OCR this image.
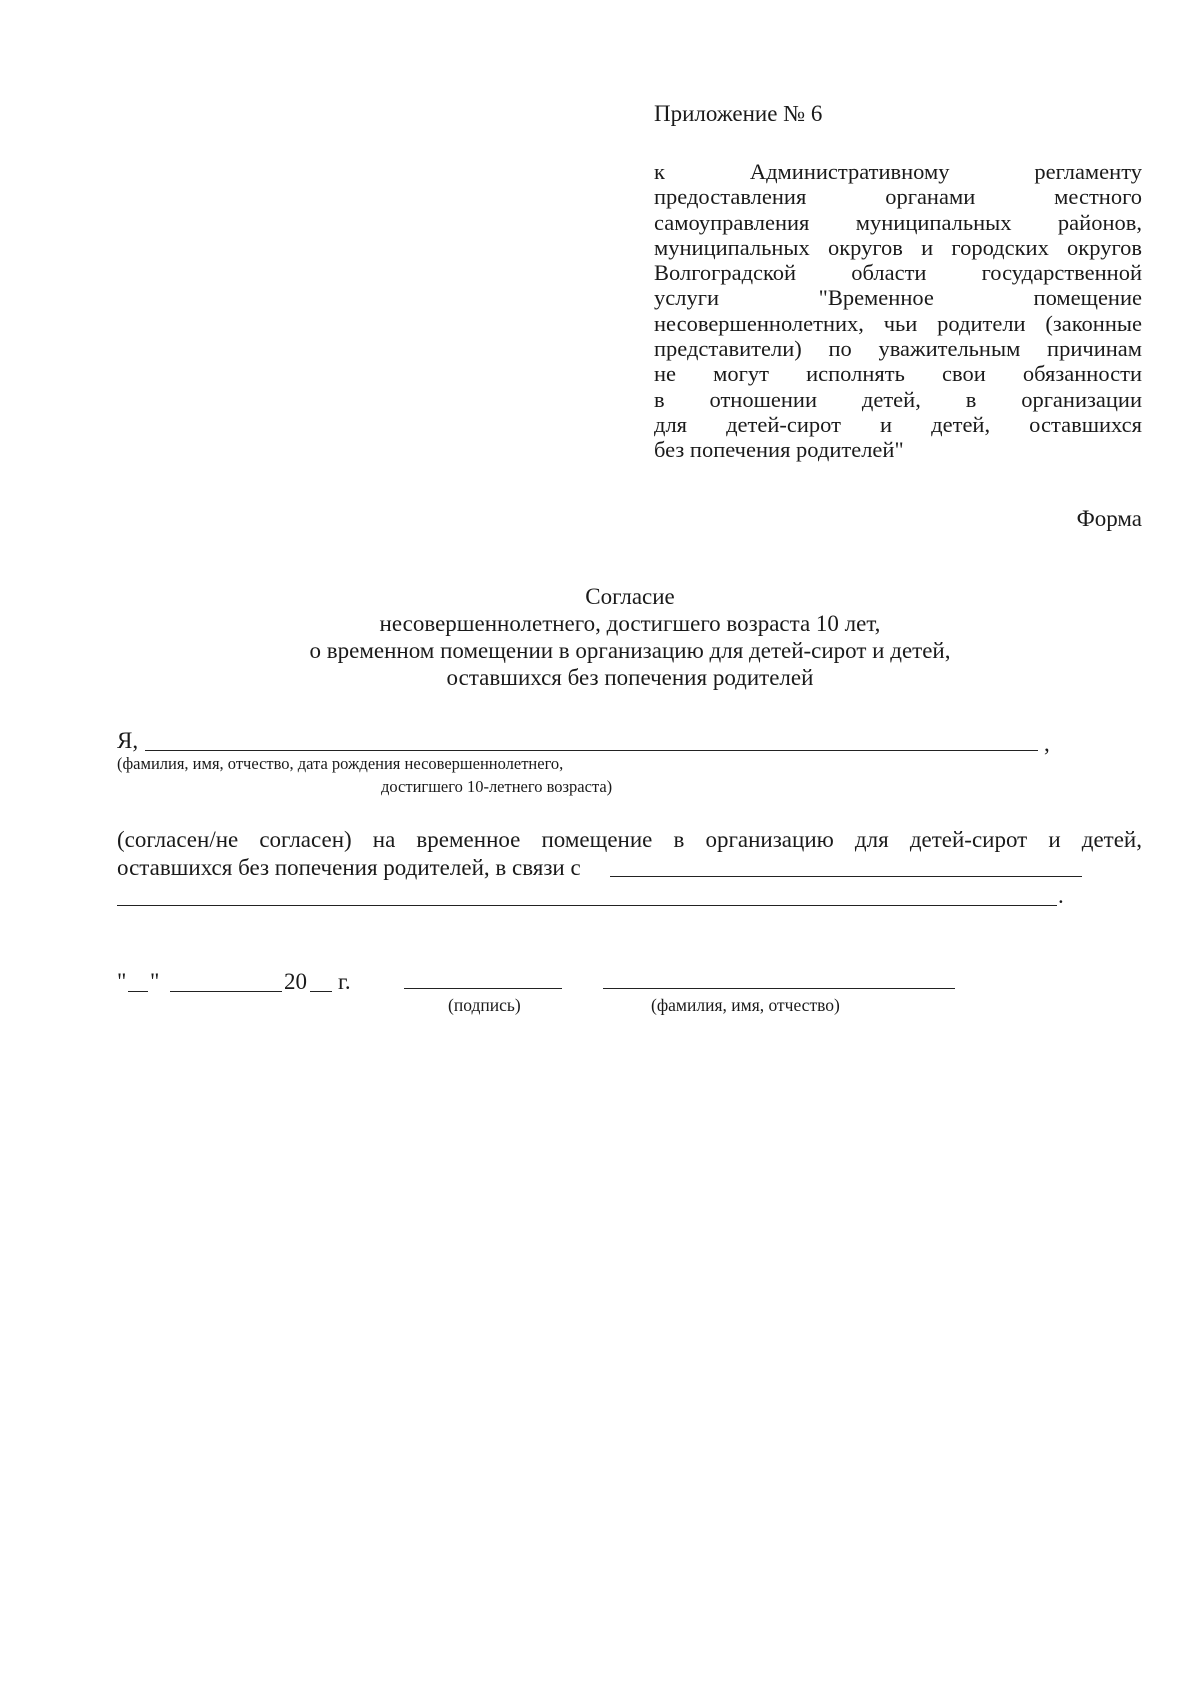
Приложение № 6
к Административному регламенту
предоставления органами местного
самоуправления муниципальных районов,
муниципальных округов и городских округов
Волгоградской области государственной
услуги "Временное помещение
несовершеннолетних, чьи родители (законные
представители) по уважительным причинам
не могут исполнять свои обязанности
в отношении детей, в организации
для детей-сирот и детей, оставшихся
без попечения родителей"
Форма
Согласие
несовершеннолетнего, достигшего возраста 10 лет,
о временном помещении в организацию для детей-сирот и детей,
оставшихся без попечения родителей
Я,	,
(фамилия, имя, отчество, дата рождения несовершеннолетнего,
достигшего 10-летнего возраста)
(согласен/не согласен) на временное помещение в организацию для детей-сирот и детей,
оставшихся без попечения родителей, в связи с
.
" "	20 г.
(подпись)	(фамилия, имя, отчество)
